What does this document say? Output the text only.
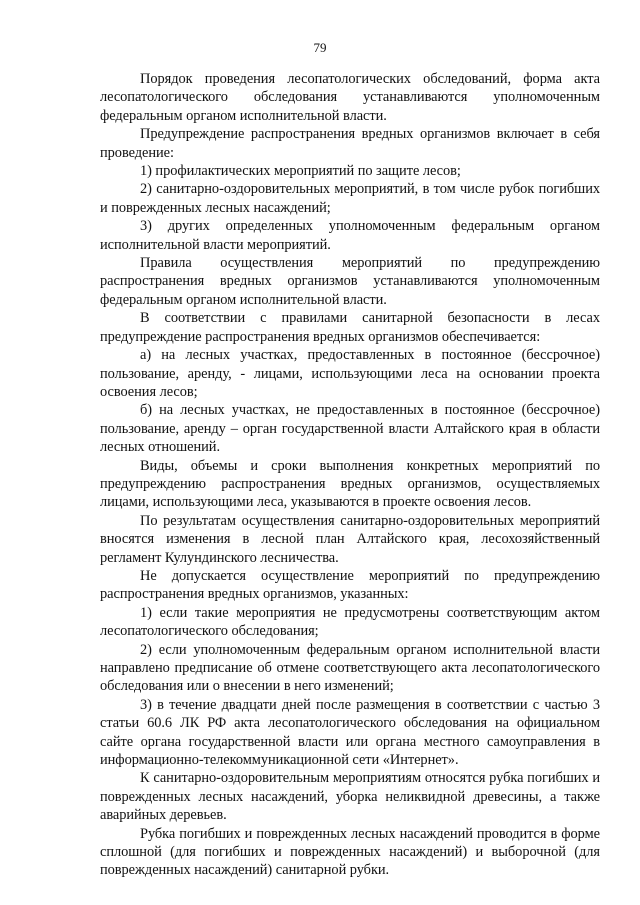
79

Порядок проведения лесопатологических обследований, форма акта лесопатологического обследования устанавливаются уполномоченным федеральным органом исполнительной власти.

Предупреждение распространения вредных организмов включает в себя проведение:

1) профилактических мероприятий по защите лесов;

2) санитарно-оздоровительных мероприятий, в том числе рубок погибших и поврежденных лесных насаждений;

3) других определенных уполномоченным федеральным органом исполнительной власти мероприятий.

Правила осуществления мероприятий по предупреждению распространения вредных организмов устанавливаются уполномоченным федеральным органом исполнительной власти.

В соответствии с правилами санитарной безопасности в лесах предупреждение распространения вредных организмов обеспечивается:

а) на лесных участках, предоставленных в постоянное (бессрочное) пользование, аренду, - лицами, использующими леса на основании проекта освоения лесов;

б) на лесных участках, не предоставленных в постоянное (бессрочное) пользование, аренду – орган государственной власти Алтайского края в области лесных отношений.

Виды, объемы и сроки выполнения конкретных мероприятий по предупреждению распространения вредных организмов, осуществляемых лицами, использующими леса, указываются в проекте освоения лесов.

По результатам осуществления санитарно-оздоровительных мероприятий вносятся изменения в лесной план Алтайского края, лесохозяйственный регламент Кулундинского лесничества.

Не допускается осуществление мероприятий по предупреждению распространения вредных организмов, указанных:

1) если такие мероприятия не предусмотрены соответствующим актом лесопатологического обследования;

2) если уполномоченным федеральным органом исполнительной власти направлено предписание об отмене соответствующего акта лесопатологического обследования или о внесении в него изменений;

3) в течение двадцати дней после размещения в соответствии с частью 3 статьи 60.6 ЛК РФ акта лесопатологического обследования на официальном сайте органа государственной власти или органа местного самоуправления в информационно-телекоммуникационной сети «Интернет».

К санитарно-оздоровительным мероприятиям относятся рубка погибших и поврежденных лесных насаждений, уборка неликвидной древесины, а также аварийных деревьев.

Рубка погибших и поврежденных лесных насаждений проводится в форме сплошной (для погибших и поврежденных насаждений) и выборочной (для поврежденных насаждений) санитарной рубки.
